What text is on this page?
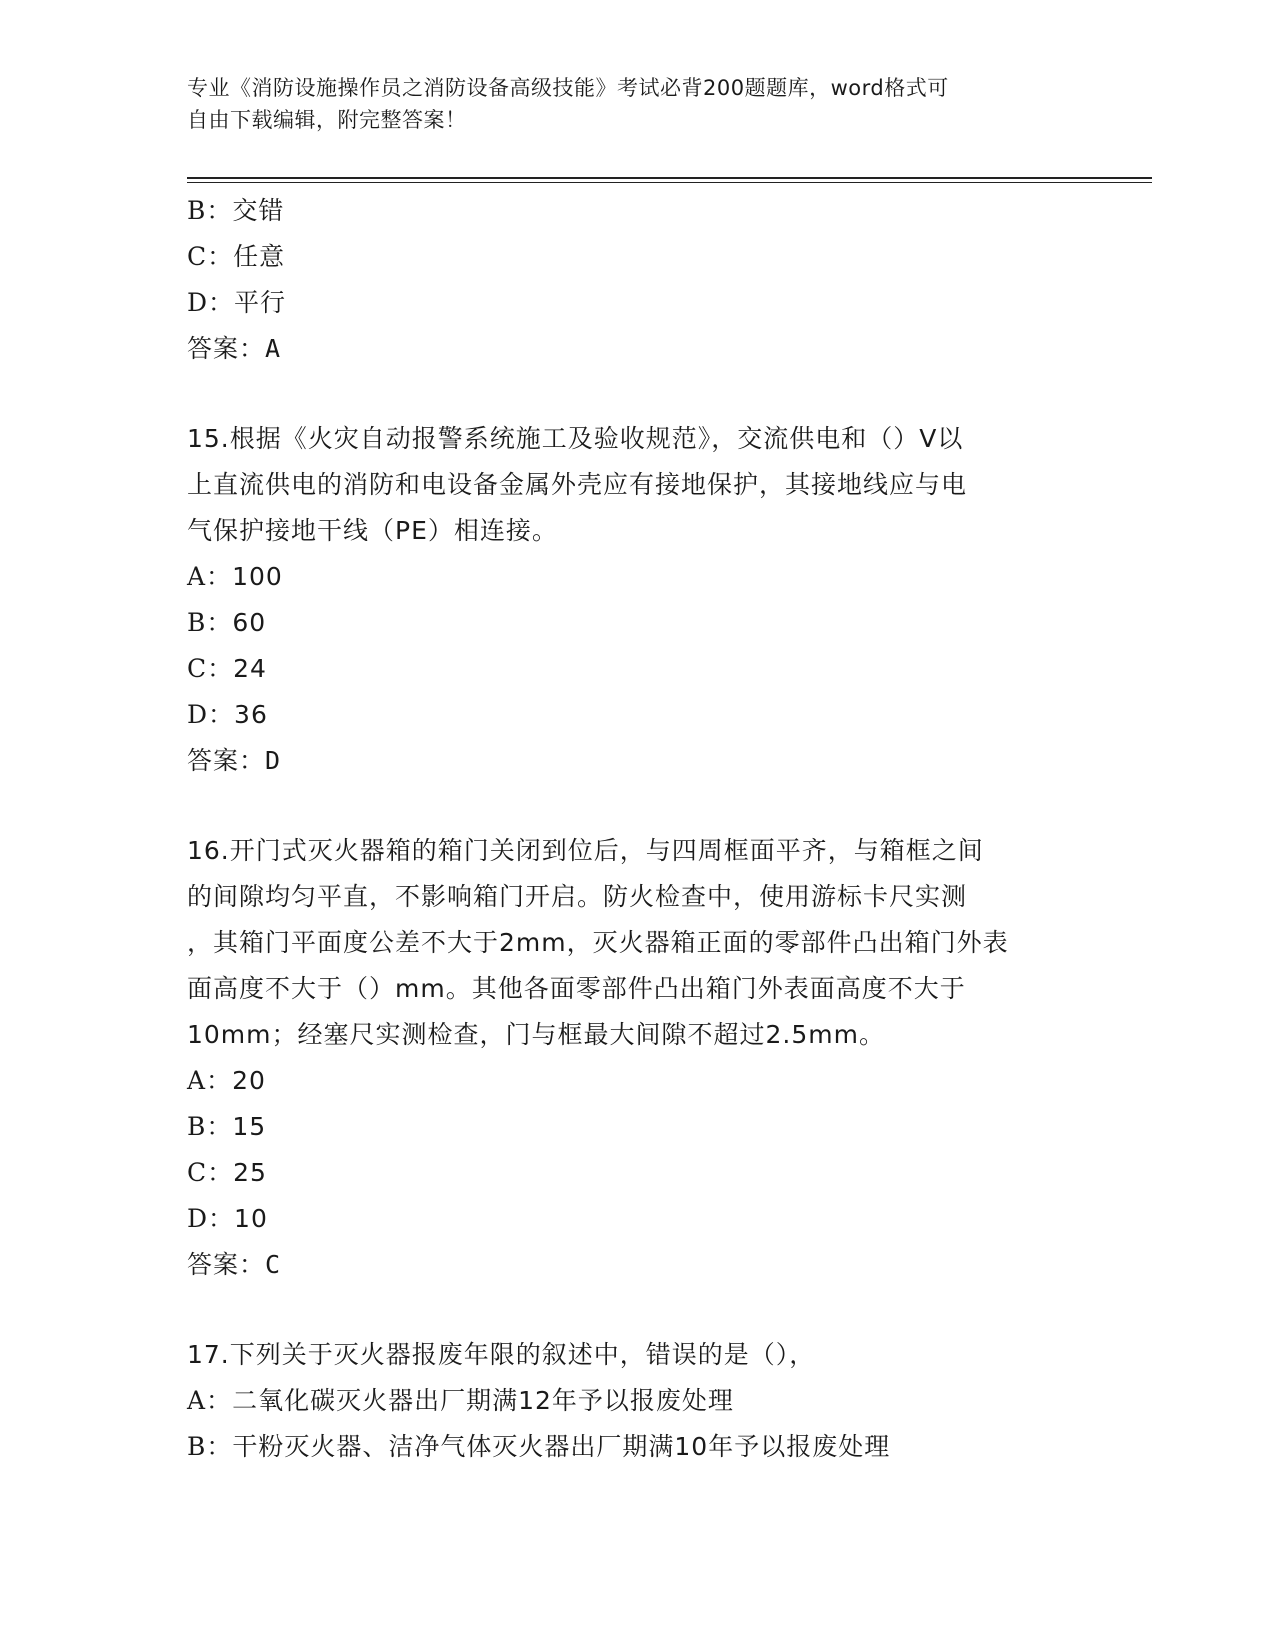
专业《消防设施操作员之消防设备高级技能》考试必背200题题库，word格式可
自由下载编辑，附完整答案！
B：交错
C：任意
D：平行
答案：A
15.根据《火灾自动报警系统施工及验收规范》，交流供电和（）V以
上直流供电的消防和电设备金属外壳应有接地保护，其接地线应与电
气保护接地干线（PE）相连接。
A：100
B：60
C：24
D：36
答案：D
16.开门式灭火器箱的箱门关闭到位后，与四周框面平齐，与箱框之间
的间隙均匀平直，不影响箱门开启。防火检查中，使用游标卡尺实测
，其箱门平面度公差不大于2mm，灭火器箱正面的零部件凸出箱门外表
面高度不大于（）mm。其他各面零部件凸出箱门外表面高度不大于
10mm；经塞尺实测检查，门与框最大间隙不超过2.5mm。
A：20
B：15
C：25
D：10
答案：C
17.下列关于灭火器报废年限的叙述中，错误的是（），
A：二氧化碳灭火器出厂期满12年予以报废处理
B：干粉灭火器、洁净气体灭火器出厂期满10年予以报废处理
